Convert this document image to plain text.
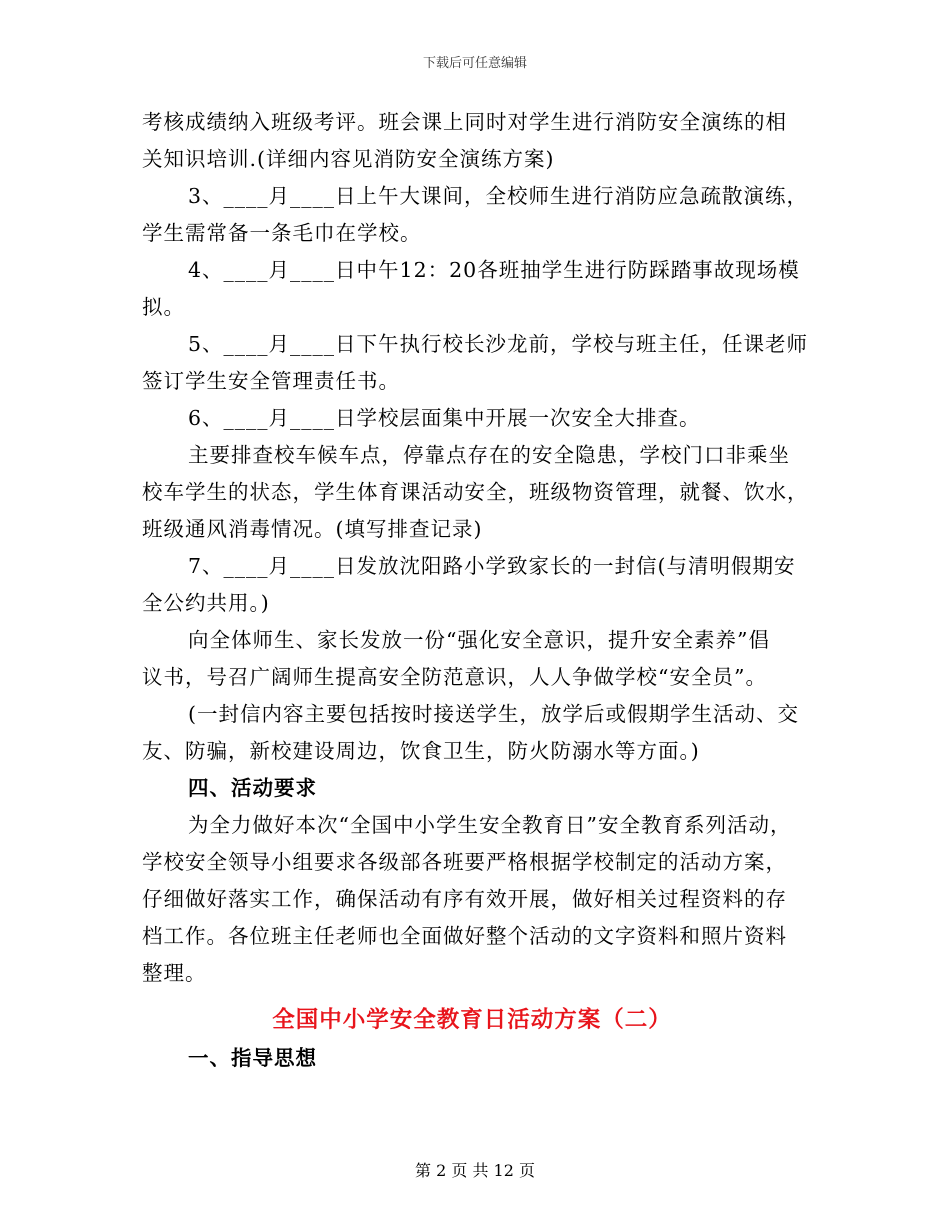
下载后可任意编辑
考核成绩纳入班级考评。班会课上同时对学生进行消防安全演练的相
关知识培训.(详细内容见消防安全演练方案)
3、____月____日上午大课间，全校师生进行消防应急疏散演练，
学生需常备一条毛巾在学校。
4、____月____日中午12：20各班抽学生进行防踩踏事故现场模
拟。
5、____月____日下午执行校长沙龙前，学校与班主任，任课老师
签订学生安全管理责任书。
6、____月____日学校层面集中开展一次安全大排查。
主要排查校车候车点，停靠点存在的安全隐患，学校门口非乘坐
校车学生的状态，学生体育课活动安全，班级物资管理，就餐、饮水，
班级通风消毒情况。(填写排查记录)
7、____月____日发放沈阳路小学致家长的一封信(与清明假期安
全公约共用。)
向全体师生、家长发放一份“强化安全意识，提升安全素养”倡
议书，号召广阔师生提高安全防范意识，人人争做学校“安全员”。
(一封信内容主要包括按时接送学生，放学后或假期学生活动、交
友、防骗，新校建设周边，饮食卫生，防火防溺水等方面。)
四、活动要求
为全力做好本次“全国中小学生安全教育日”安全教育系列活动，
学校安全领导小组要求各级部各班要严格根据学校制定的活动方案，
仔细做好落实工作，确保活动有序有效开展，做好相关过程资料的存
档工作。各位班主任老师也全面做好整个活动的文字资料和照片资料
整理。
全国中小学安全教育日活动方案（二）
一、指导思想
第 2 页 共 12 页
